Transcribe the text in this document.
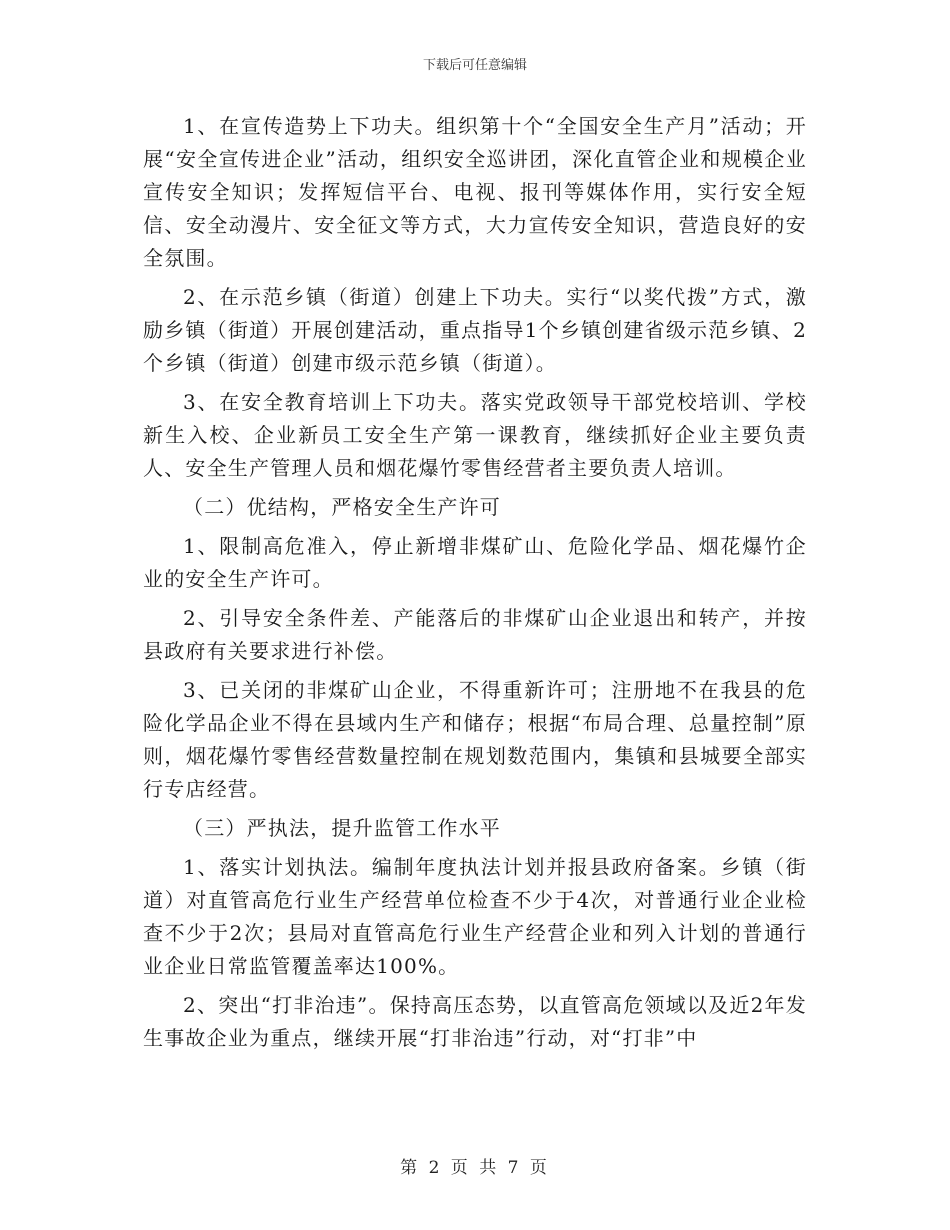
下载后可任意编辑

1、在宣传造势上下功夫。组织第十个“全国安全生产月”活动；开展“安全宣传进企业”活动，组织安全巡讲团，深化直管企业和规模企业宣传安全知识；发挥短信平台、电视、报刊等媒体作用，实行安全短信、安全动漫片、安全征文等方式，大力宣传安全知识，营造良好的安全氛围。

2、在示范乡镇（街道）创建上下功夫。实行“以奖代拨”方式，激励乡镇（街道）开展创建活动，重点指导1个乡镇创建省级示范乡镇、2个乡镇（街道）创建市级示范乡镇（街道）。

3、在安全教育培训上下功夫。落实党政领导干部党校培训、学校新生入校、企业新员工安全生产第一课教育，继续抓好企业主要负责人、安全生产管理人员和烟花爆竹零售经营者主要负责人培训。

（二）优结构，严格安全生产许可

1、限制高危准入，停止新增非煤矿山、危险化学品、烟花爆竹企业的安全生产许可。

2、引导安全条件差、产能落后的非煤矿山企业退出和转产，并按县政府有关要求进行补偿。

3、已关闭的非煤矿山企业，不得重新许可；注册地不在我县的危险化学品企业不得在县域内生产和储存；根据“布局合理、总量控制”原则，烟花爆竹零售经营数量控制在规划数范围内，集镇和县城要全部实行专店经营。

（三）严执法，提升监管工作水平

1、落实计划执法。编制年度执法计划并报县政府备案。乡镇（街道）对直管高危行业生产经营单位检查不少于4次，对普通行业企业检查不少于2次；县局对直管高危行业生产经营企业和列入计划的普通行业企业日常监管覆盖率达100%。

2、突出“打非治违”。保持高压态势，以直管高危领域以及近2年发生事故企业为重点，继续开展“打非治违”行动，对“打非”中

第 2 页 共 7 页
